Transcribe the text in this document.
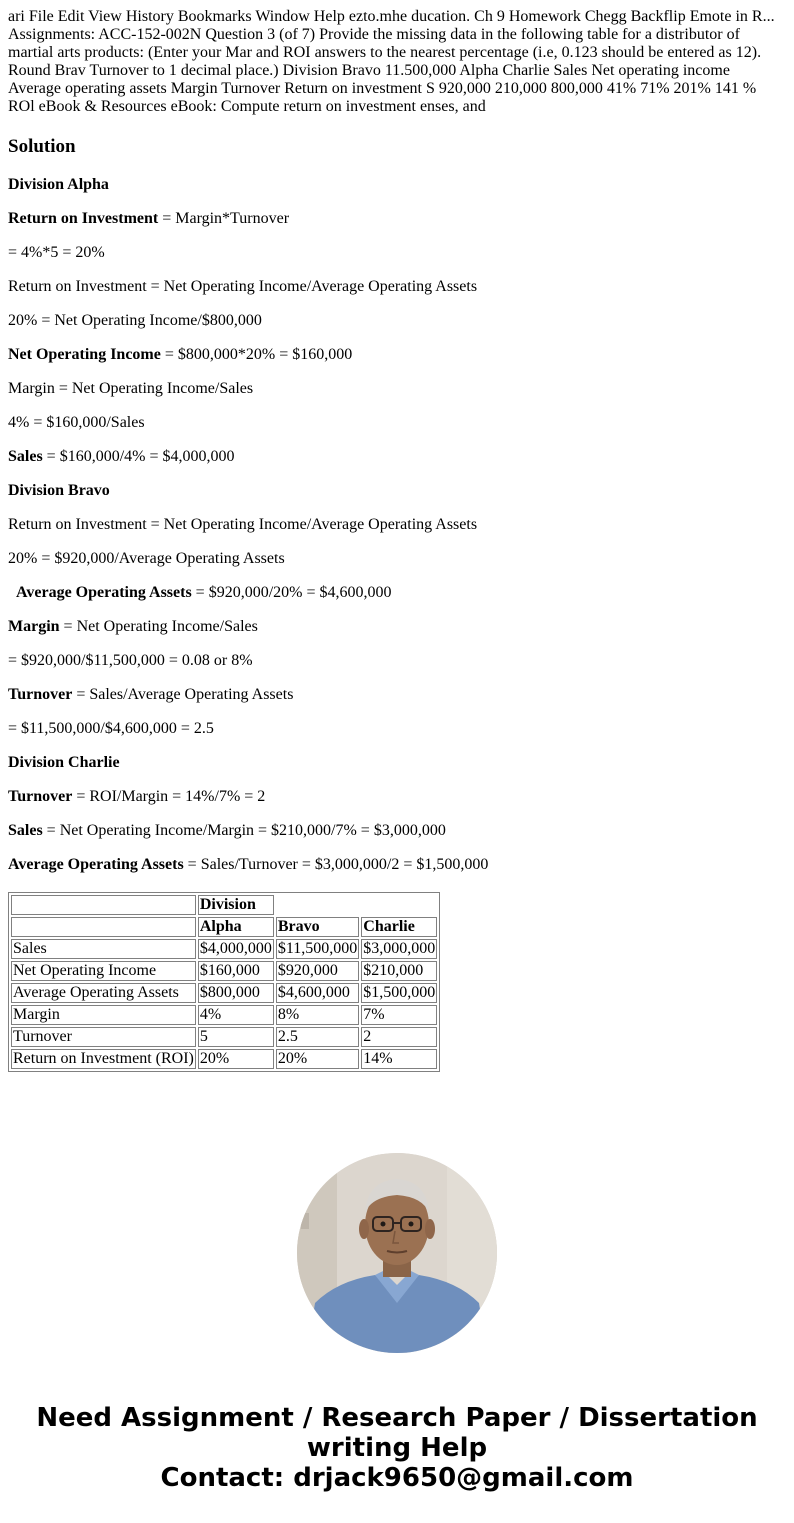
ari File Edit View History Bookmarks Window Help ezto.mhe ducation. Ch 9 Homework Chegg Backflip Emote in R... Assignments: ACC-152-002N Question 3 (of 7) Provide the missing data in the following table for a distributor of martial arts products: (Enter your Mar and ROI answers to the nearest percentage (i.e, 0.123 should be entered as 12). Round Brav Turnover to 1 decimal place.) Division Bravo 11.500,000 Alpha Charlie Sales Net operating income Average operating assets Margin Turnover Return on investment S 920,000 210,000 800,000 41% 71% 201% 141 % ROl eBook & Resources eBook: Compute return on investment enses, and

Solution

Division Alpha

Return on Investment = Margin*Turnover

= 4%*5 = 20%

Return on Investment = Net Operating Income/Average Operating Assets

20% = Net Operating Income/$800,000

Net Operating Income = $800,000*20% = $160,000

Margin = Net Operating Income/Sales

4% = $160,000/Sales

Sales = $160,000/4% = $4,000,000

Division Bravo

Return on Investment = Net Operating Income/Average Operating Assets

20% = $920,000/Average Operating Assets

Average Operating Assets = $920,000/20% = $4,600,000

Margin = Net Operating Income/Sales

= $920,000/$11,500,000 = 0.08 or 8%

Turnover = Sales/Average Operating Assets

= $11,500,000/$4,600,000 = 2.5

Division Charlie

Turnover = ROI/Margin = 14%/7% = 2

Sales = Net Operating Income/Margin = $210,000/7% = $3,000,000

Average Operating Assets = Sales/Turnover = $3,000,000/2 = $1,500,000

	Division		
	Alpha	Bravo	Charlie
Sales	$4,000,000	$11,500,000	$3,000,000
Net Operating Income	$160,000	$920,000	$210,000
Average Operating Assets	$800,000	$4,600,000	$1,500,000
Margin	4%	8%	7%
Turnover	5	2.5	2
Return on Investment (ROI)	20%	20%	14%
Need Assignment / Research Paper / Dissertation
writing Help
Contact: drjack9650@gmail.com
